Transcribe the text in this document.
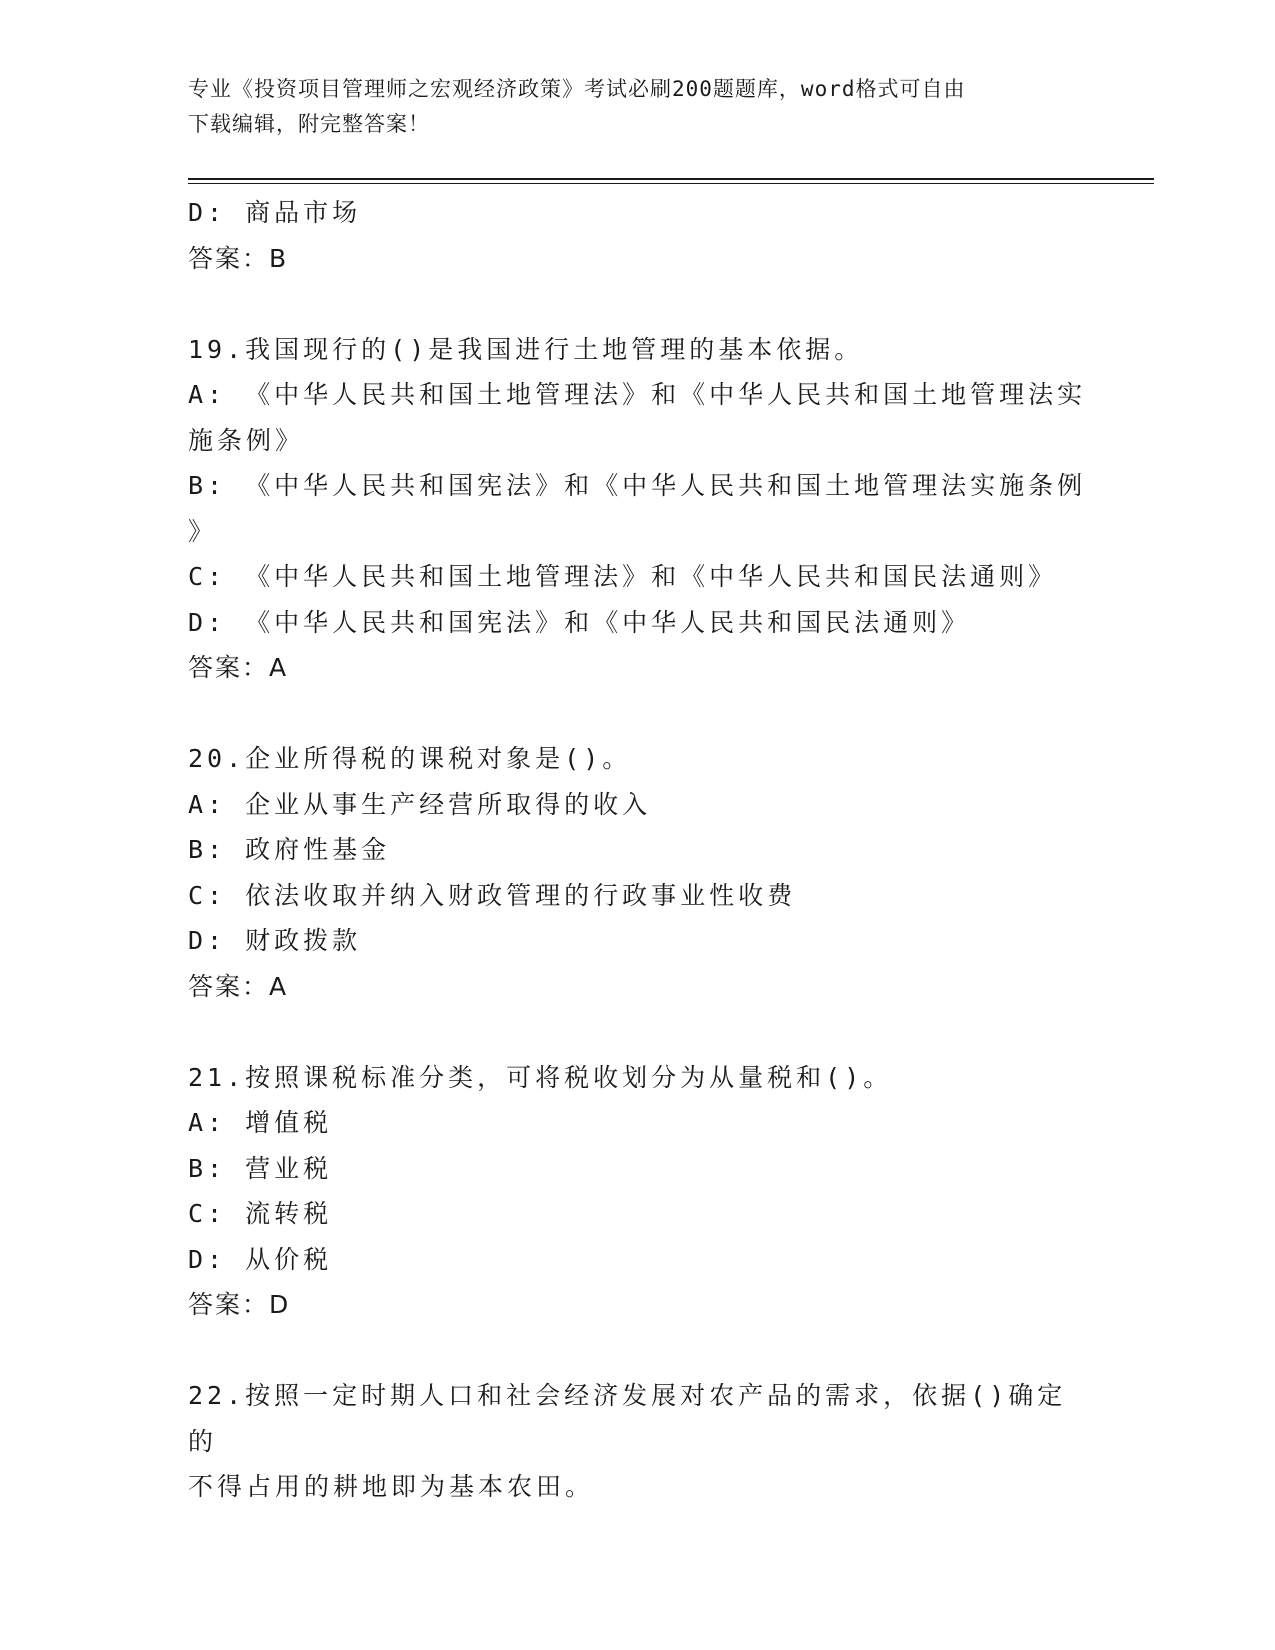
专业《投资项目管理师之宏观经济政策》考试必刷200题题库，word格式可自由
下载编辑，附完整答案！
D: 商品市场
答案：B
19.我国现行的()是我国进行土地管理的基本依据。
A: 《中华人民共和国土地管理法》和《中华人民共和国土地管理法实
施条例》
B: 《中华人民共和国宪法》和《中华人民共和国土地管理法实施条例
》
C: 《中华人民共和国土地管理法》和《中华人民共和国民法通则》
D: 《中华人民共和国宪法》和《中华人民共和国民法通则》
答案：A
20.企业所得税的课税对象是()。
A: 企业从事生产经营所取得的收入
B: 政府性基金
C: 依法收取并纳入财政管理的行政事业性收费
D: 财政拨款
答案：A
21.按照课税标准分类，可将税收划分为从量税和()。
A: 增值税
B: 营业税
C: 流转税
D: 从价税
答案：D
22.按照一定时期人口和社会经济发展对农产品的需求，依据()确定的
不得占用的耕地即为基本农田。
